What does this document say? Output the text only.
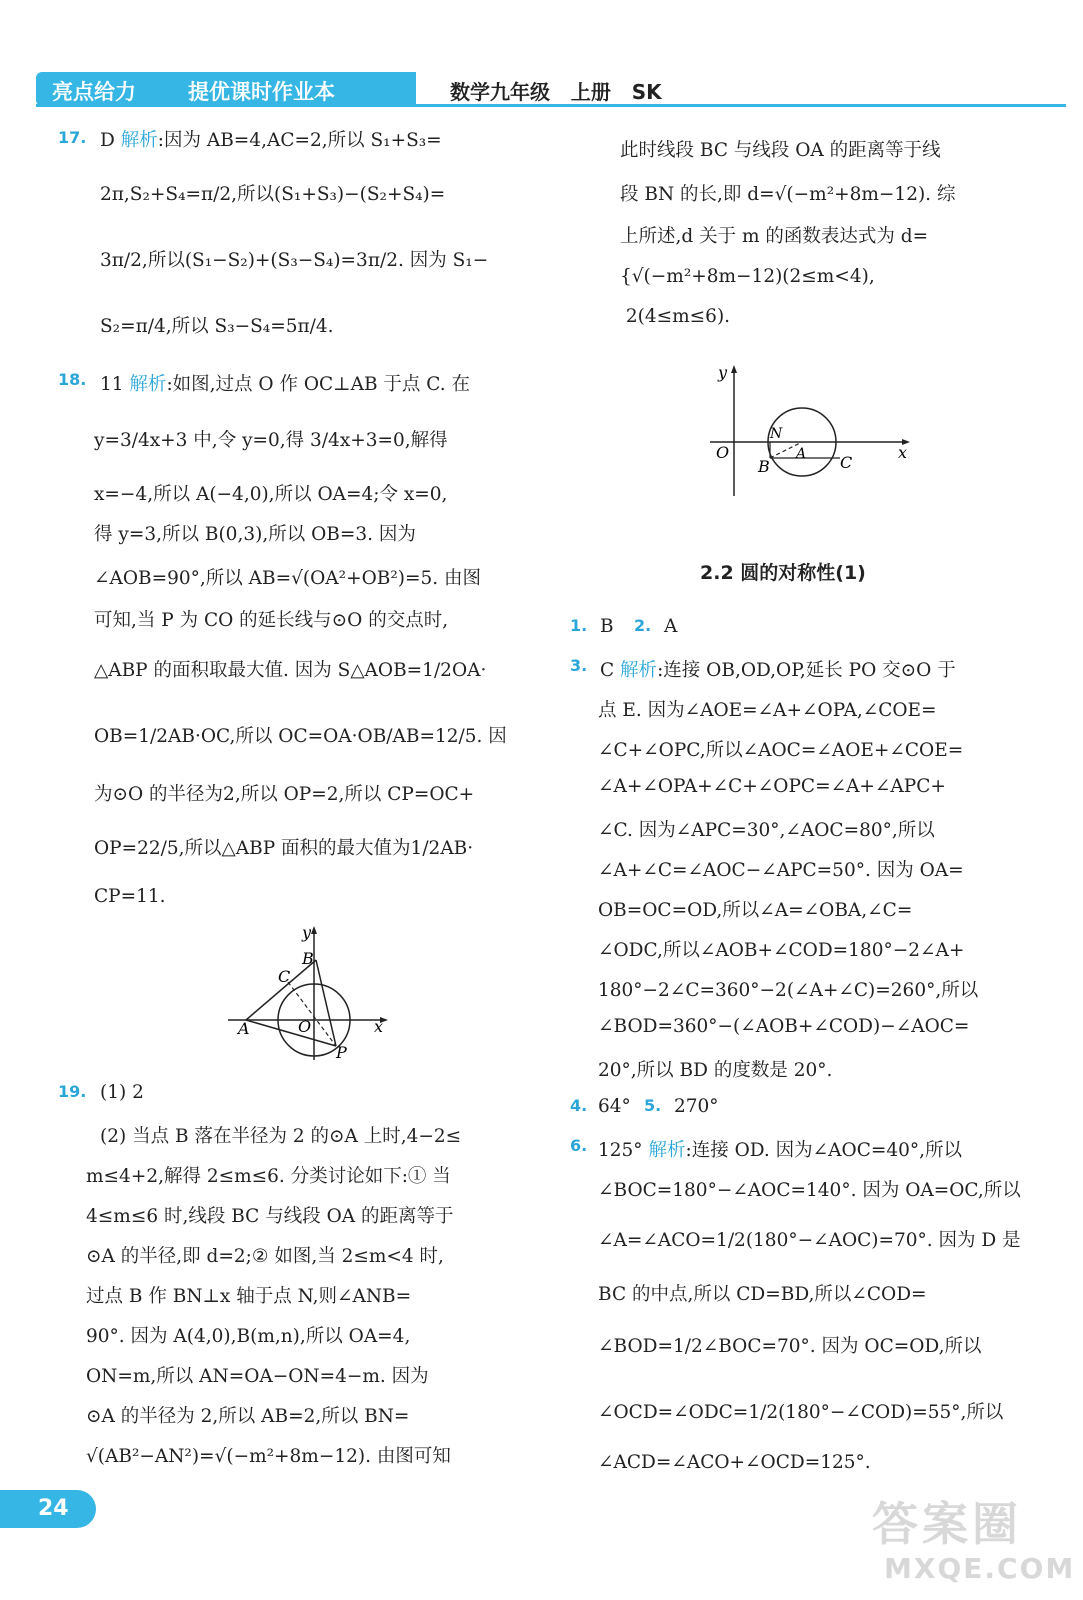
亮点给力 提优课时作业本	数学九年级   上册   SK
17. D 解析:因为 AB=4,AC=2,所以 S₁+S₃=
2π,S₂+S₄=π/2,所以(S₁+S₃)−(S₂+S₄)=
3π/2,所以(S₁−S₂)+(S₃−S₄)=3π/2. 因为 S₁−
S₂=π/4,所以 S₃−S₄=5π/4.
18. 11 解析:如图,过点 O 作 OC⊥AB 于点 C. 在
y=3/4x+3 中,令 y=0,得 3/4x+3=0,解得
x=−4,所以 A(−4,0),所以 OA=4;令 x=0,
得 y=3,所以 B(0,3),所以 OB=3. 因为
∠AOB=90°,所以 AB=√(OA²+OB²)=5. 由图
可知,当 P 为 CO 的延长线与⊙O 的交点时,
△ABP 的面积取最大值. 因为 S△AOB=1/2OA·
OB=1/2AB·OC,所以 OC=OA·OB/AB=12/5. 因
为⊙O 的半径为2,所以 OP=2,所以 CP=OC+
OP=22/5,所以△ABP 面积的最大值为1/2AB·
CP=11.
y
x
A
B
C
O
P
19. (1) 2
(2) 当点 B 落在半径为 2 的⊙A 上时,4−2≤
m≤4+2,解得 2≤m≤6. 分类讨论如下:① 当
4≤m≤6 时,线段 BC 与线段 OA 的距离等于
⊙A 的半径,即 d=2;② 如图,当 2≤m<4 时,
过点 B 作 BN⊥x 轴于点 N,则∠ANB=
90°. 因为 A(4,0),B(m,n),所以 OA=4,
ON=m,所以 AN=OA−ON=4−m. 因为
⊙A 的半径为 2,所以 AB=2,所以 BN=
√(AB²−AN²)=√(−m²+8m−12). 由图可知
此时线段 BC 与线段 OA 的距离等于线
段 BN 的长,即 d=√(−m²+8m−12). 综
上所述,d 关于 m 的函数表达式为 d=
{√(−m²+8m−12)(2≤m<4),
2(4≤m≤6).
y
x
O
N
A
B	C
2.2 圆的对称性(1)
1. B 2. A
3. C 解析:连接 OB,OD,OP,延长 PO 交⊙O 于
点 E. 因为∠AOE=∠A+∠OPA,∠COE=
∠C+∠OPC,所以∠AOC=∠AOE+∠COE=
∠A+∠OPA+∠C+∠OPC=∠A+∠APC+
∠C. 因为∠APC=30°,∠AOC=80°,所以
∠A+∠C=∠AOC−∠APC=50°. 因为 OA=
OB=OC=OD,所以∠A=∠OBA,∠C=
∠ODC,所以∠AOB+∠COD=180°−2∠A+
180°−2∠C=360°−2(∠A+∠C)=260°,所以
∠BOD=360°−(∠AOB+∠COD)−∠AOC=
20°,所以 BD 的度数是 20°.
4. 64° 5. 270°
6. 125° 解析:连接 OD. 因为∠AOC=40°,所以
∠BOC=180°−∠AOC=140°. 因为 OA=OC,所以
∠A=∠ACO=1/2(180°−∠AOC)=70°. 因为 D 是
BC 的中点,所以 CD=BD,所以∠COD=
∠BOD=1/2∠BOC=70°. 因为 OC=OD,所以
∠OCD=∠ODC=1/2(180°−∠COD)=55°,所以
∠ACD=∠ACO+∠OCD=125°.
24	答案圈
MXQE.COM
